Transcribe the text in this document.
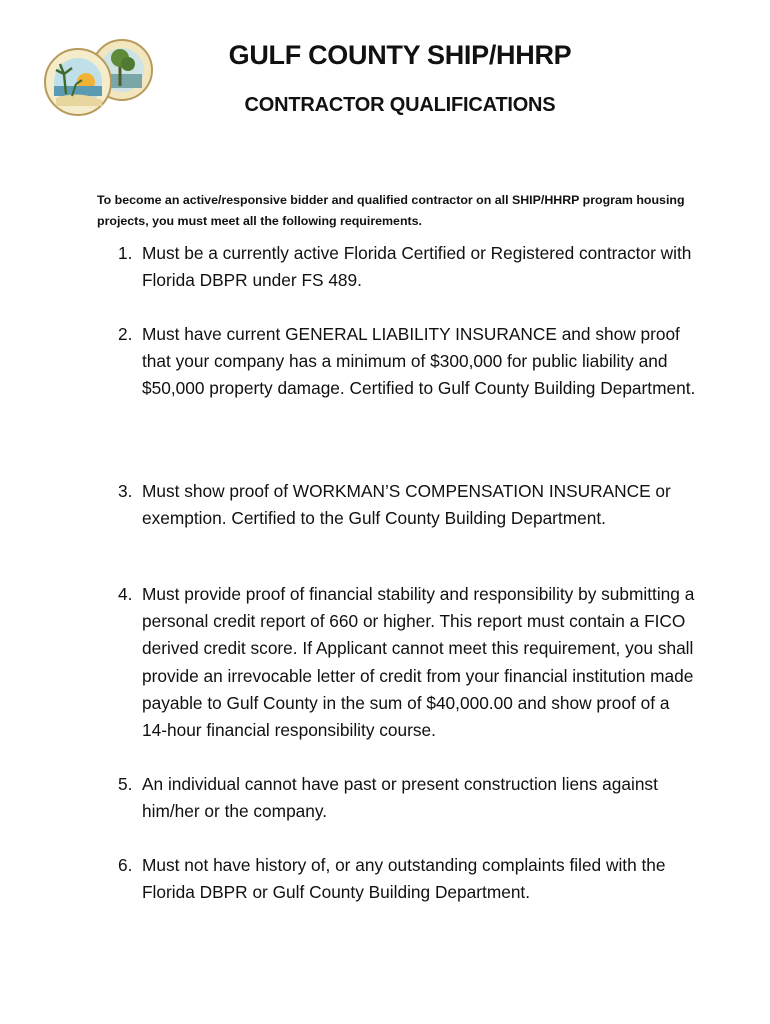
GULF COUNTY SHIP/HHRP
CONTRACTOR QUALIFICATIONS

To become an active/responsive bidder and qualified contractor on all SHIP/HHRP program housing projects, you must meet all the following requirements.

1. Must be a currently active Florida Certified or Registered contractor with Florida DBPR under FS 489.
2. Must have current GENERAL LIABILITY INSURANCE and show proof that your company has a minimum of $300,000 for public liability and $50,000 property damage. Certified to Gulf County Building Department.
3. Must show proof of WORKMAN’S COMPENSATION INSURANCE or exemption. Certified to the Gulf County Building Department.
4. Must provide proof of financial stability and responsibility by submitting a personal credit report of 660 or higher. This report must contain a FICO derived credit score. If Applicant cannot meet this requirement, you shall provide an irrevocable letter of credit from your financial institution made payable to Gulf County in the sum of $40,000.00 and show proof of a 14-hour financial responsibility course.
5. An individual cannot have past or present construction liens against him/her or the company.
6. Must not have history of, or any outstanding complaints filed with the Florida DBPR or Gulf County Building Department.
